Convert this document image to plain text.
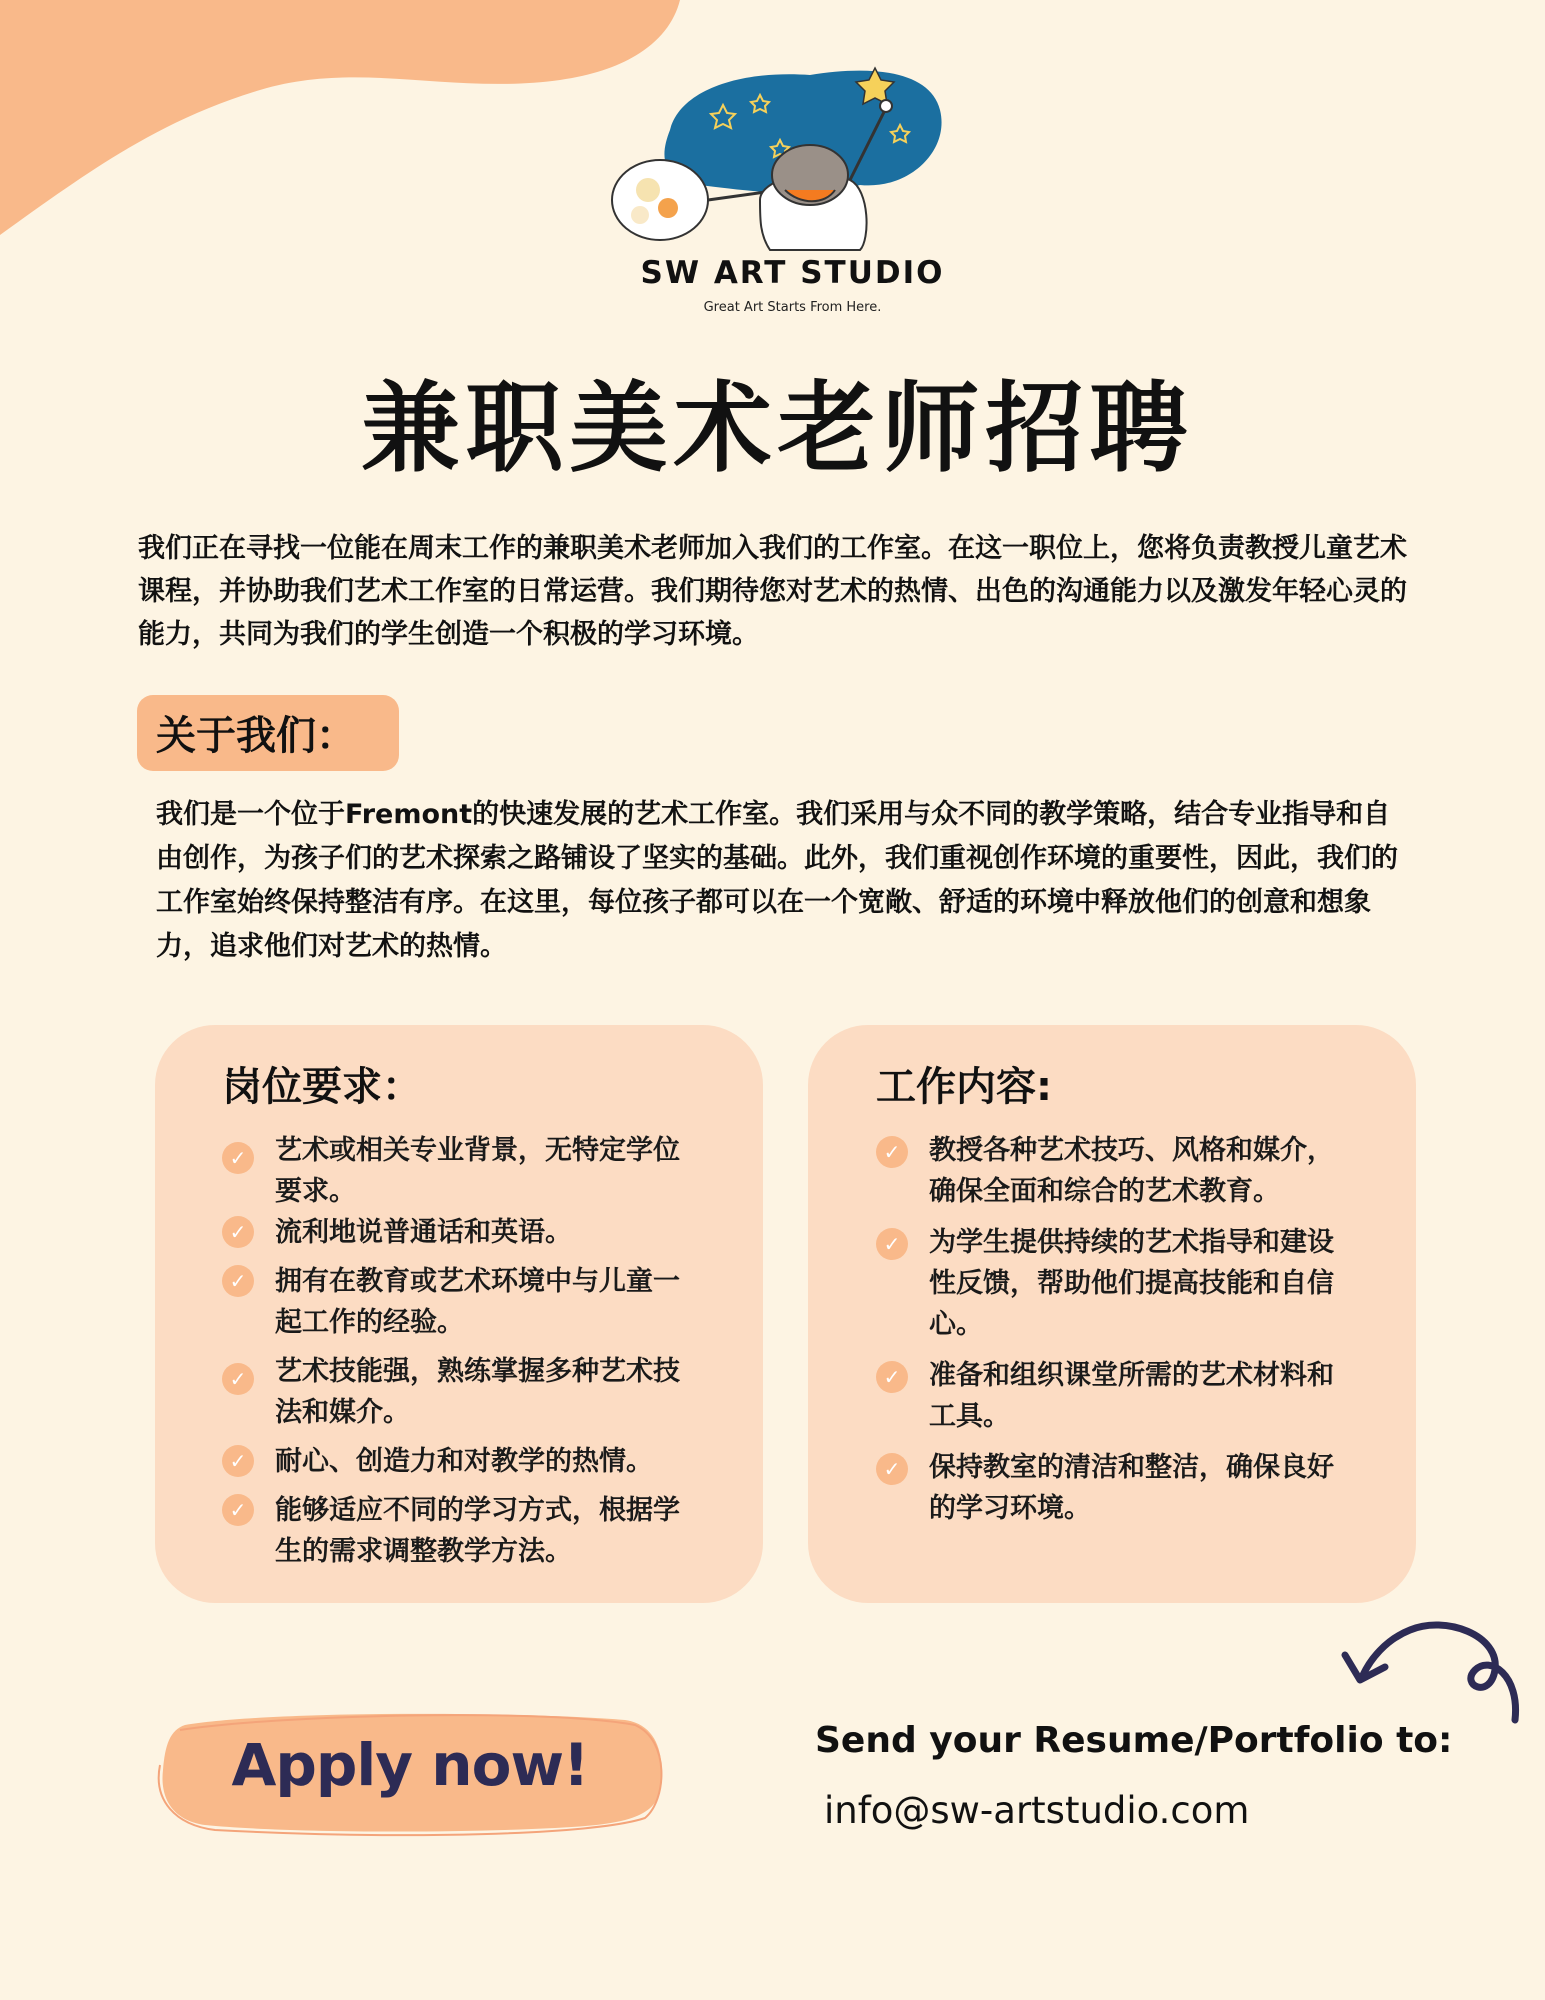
SW ART STUDIO
Great Art Starts From Here.
兼职美术老师招聘
我们正在寻找一位能在周末工作的兼职美术老师加入我们的工作室。在这一职位上，您将负责教授儿童艺术课程，并协助我们艺术工作室的日常运营。我们期待您对艺术的热情、出色的沟通能力以及激发年轻心灵的能力，共同为我们的学生创造一个积极的学习环境。
关于我们：
我们是一个位于Fremont的快速发展的艺术工作室。我们采用与众不同的教学策略，结合专业指导和自由创作，为孩子们的艺术探索之路铺设了坚实的基础。此外，我们重视创作环境的重要性，因此，我们的工作室始终保持整洁有序。在这里，每位孩子都可以在一个宽敞、舒适的环境中释放他们的创意和想象力，追求他们对艺术的热情。
岗位要求：
✓ 艺术或相关专业背景，无特定学位要求。
✓ 流利地说普通话和英语。
✓ 拥有在教育或艺术环境中与儿童一起工作的经验。
✓ 艺术技能强，熟练掌握多种艺术技法和媒介。
✓ 耐心、创造力和对教学的热情。
✓ 能够适应不同的学习方式，根据学生的需求调整教学方法。
工作内容:
✓ 教授各种艺术技巧、风格和媒介，确保全面和综合的艺术教育。
✓ 为学生提供持续的艺术指导和建设性反馈，帮助他们提高技能和自信心。
✓ 准备和组织课堂所需的艺术材料和工具。
✓ 保持教室的清洁和整洁，确保良好的学习环境。
Apply now!	Send your Resume/Portfolio to:
info@sw-artstudio.com
